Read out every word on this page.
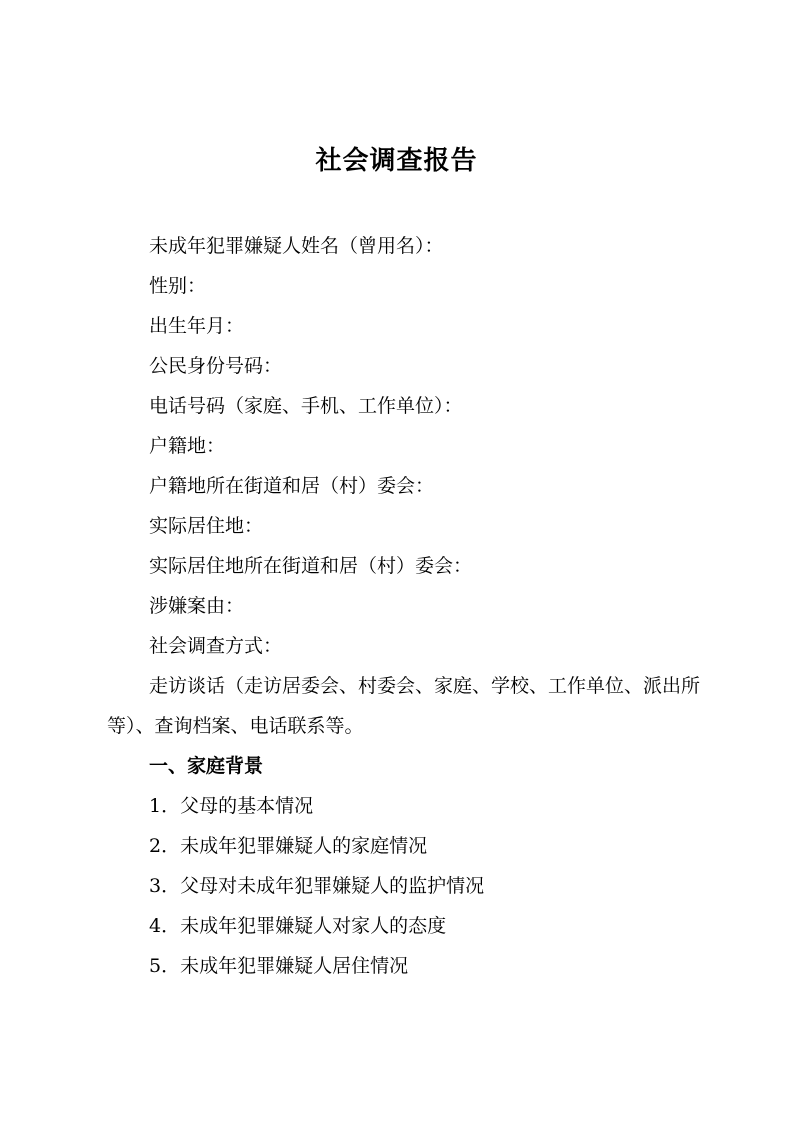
社会调查报告
未成年犯罪嫌疑人姓名（曾用名）：
性别：
出生年月：
公民身份号码：
电话号码（家庭、手机、工作单位）：
户籍地：
户籍地所在街道和居（村）委会：
实际居住地：
实际居住地所在街道和居（村）委会：
涉嫌案由：
社会调查方式：
走访谈话（走访居委会、村委会、家庭、学校、工作单位、派出所等）、查询档案、电话联系等。
一、家庭背景
1．父母的基本情况
2．未成年犯罪嫌疑人的家庭情况
3．父母对未成年犯罪嫌疑人的监护情况
4．未成年犯罪嫌疑人对家人的态度
5．未成年犯罪嫌疑人居住情况
